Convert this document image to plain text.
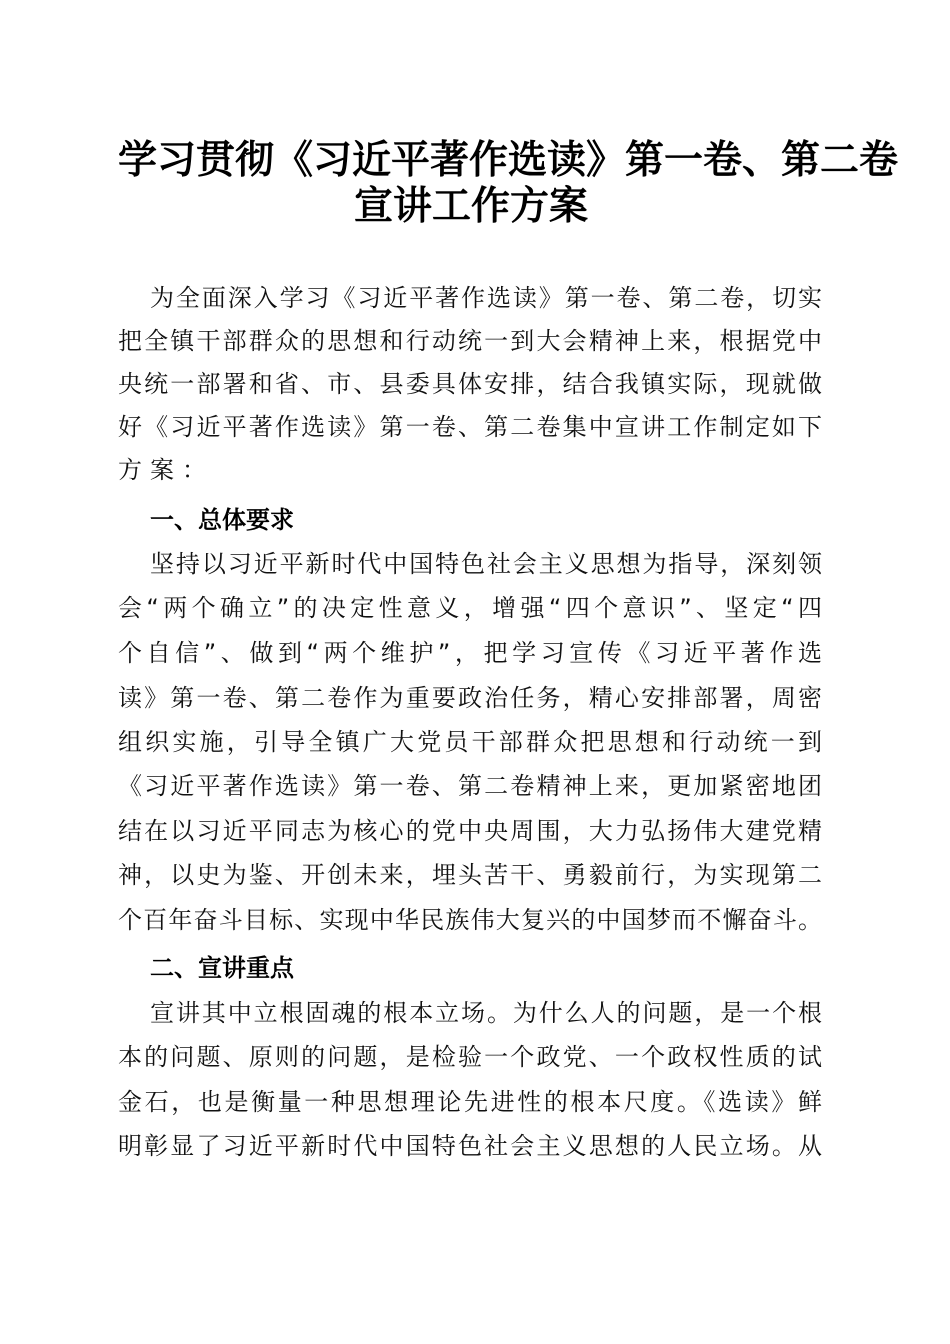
学习贯彻《习近平著作选读》第一卷、第二卷
宣讲工作方案
为全面深入学习《习近平著作选读》第一卷、第二卷，切实
把全镇干部群众的思想和行动统一到大会精神上来，根据党中
央统一部署和省、市、县委具体安排，结合我镇实际，现就做
好《习近平著作选读》第一卷、第二卷集中宣讲工作制定如下
方案：
一、总体要求
坚持以习近平新时代中国特色社会主义思想为指导，深刻领
会“两个确立”的决定性意义，增强“四个意识”、坚定“四
个自信”、做到“两个维护”，把学习宣传《习近平著作选
读》第一卷、第二卷作为重要政治任务，精心安排部署，周密
组织实施，引导全镇广大党员干部群众把思想和行动统一到
《习近平著作选读》第一卷、第二卷精神上来，更加紧密地团
结在以习近平同志为核心的党中央周围，大力弘扬伟大建党精
神，以史为鉴、开创未来，埋头苦干、勇毅前行，为实现第二
个百年奋斗目标、实现中华民族伟大复兴的中国梦而不懈奋斗。
二、宣讲重点
宣讲其中立根固魂的根本立场。为什么人的问题，是一个根
本的问题、原则的问题，是检验一个政党、一个政权性质的试
金石，也是衡量一种思想理论先进性的根本尺度。《选读》鲜
明彰显了习近平新时代中国特色社会主义思想的人民立场。从
